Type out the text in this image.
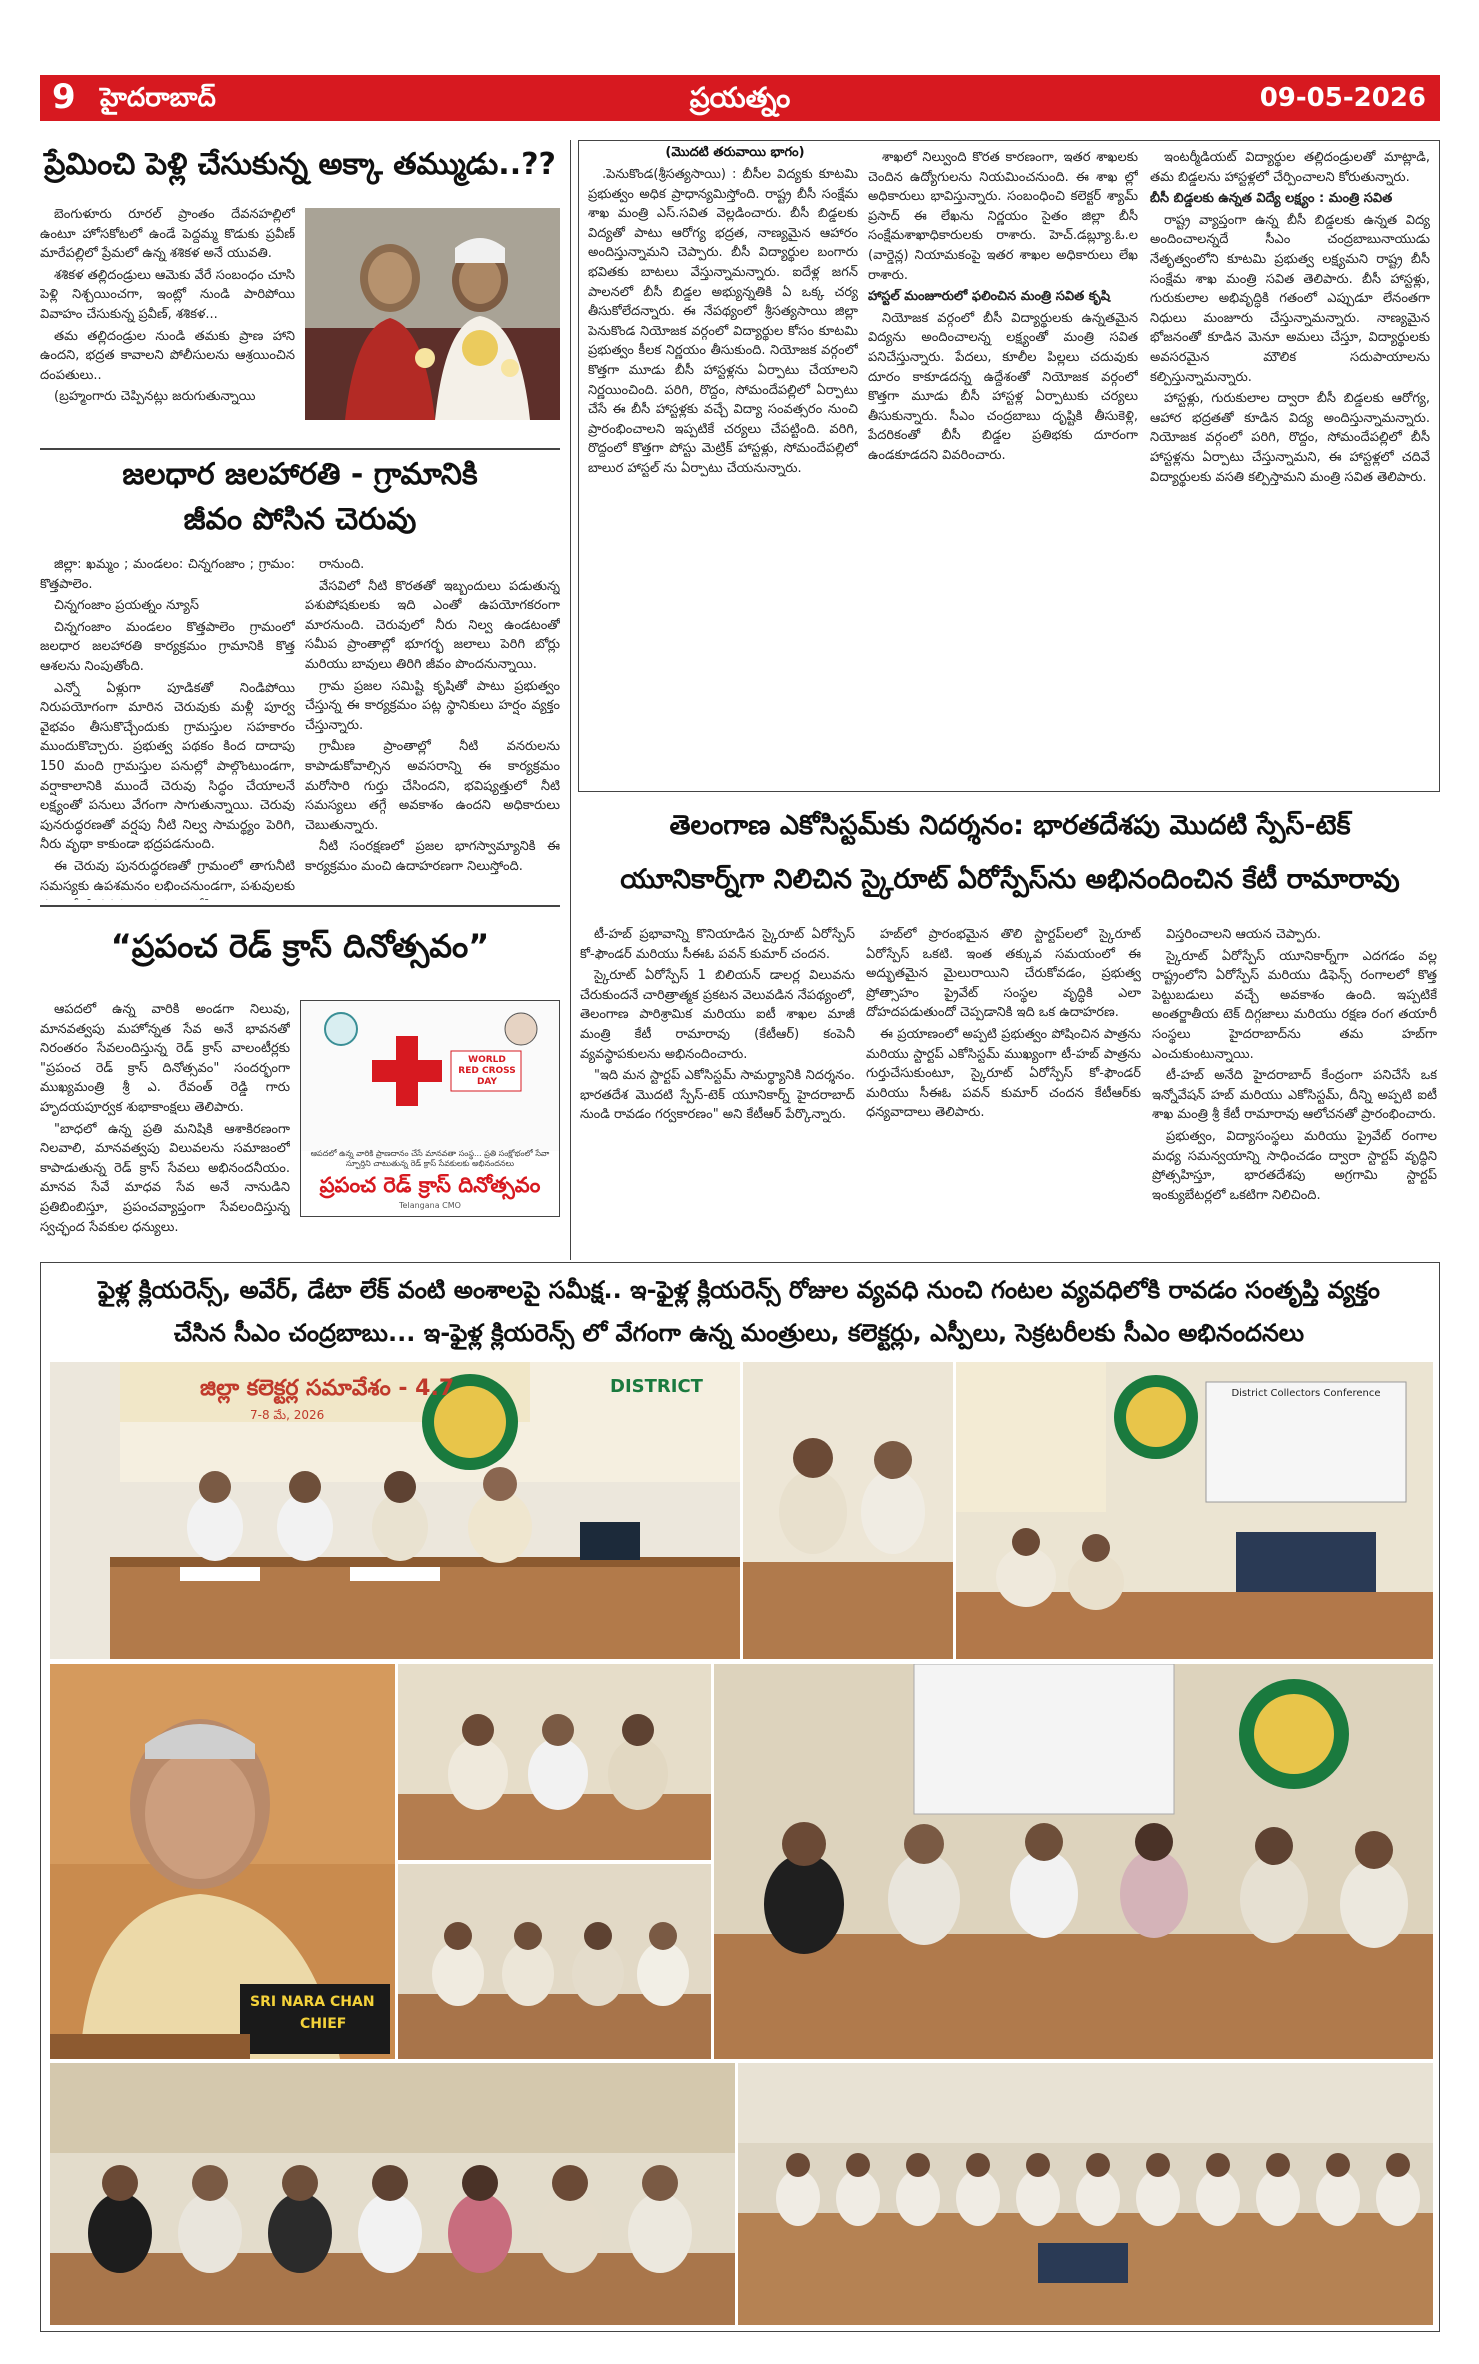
9 హైదరాబాద్	ప్రయత్నం	09-05-2026
ప్రేమించి పెళ్లి చేసుకున్న అక్కా తమ్ముడు..??

బెంగుళూరు రూరల్ ప్రాంతం దేవనహల్లిలో ఉంటూ హోసకోటలో ఉండే పెద్దమ్మ కొడుకు ప్రవీణ్ మారేపల్లిలో ప్రేమలో ఉన్న శశికళ అనే యువతి.

శశికళ తల్లిదండ్రులు ఆమెకు వేరే సంబంధం చూసి పెళ్లి నిశ్చయించగా, ఇంట్లో నుండి పారిపోయి వివాహం చేసుకున్న ప్రవీణ్, శశికళ...

తమ తల్లిదండ్రుల నుండి తమకు ప్రాణ హాని ఉందని, భద్రత కావాలని పోలీసులను ఆశ్రయించిన దంపతులు..

(బ్రహ్మంగారు చెప్పినట్లు జరుగుతున్నాయి

జలధార జలహారతి - గ్రామానికి
జీవం పోసిన చెరువు

జిల్లా: ఖమ్మం ; మండలం: చిన్నగంజాం ; గ్రామం: కొత్తపాలెం.

చిన్నగంజాం ప్రయత్నం న్యూస్

చిన్నగంజాం మండలం కొత్తపాలెం గ్రామంలో జలధార జలహారతి కార్యక్రమం గ్రామానికి కొత్త ఆశలను నింపుతోంది.

ఎన్నో ఏళ్లుగా పూడికతో నిండిపోయి నిరుపయోగంగా మారిన చెరువుకు మళ్లీ పూర్వ వైభవం తీసుకొచ్చేందుకు గ్రామస్తుల సహకారం ముందుకొచ్చారు. ప్రభుత్వ పథకం కింద దాదాపు 150 మంది గ్రామస్తుల పనుల్లో పాల్గొంటుండగా, వర్షాకాలానికి ముందే చెరువు సిద్ధం చేయాలనే లక్ష్యంతో పనులు వేగంగా సాగుతున్నాయి. చెరువు పునరుద్ధరణతో వర్షపు నీటి నిల్వ సామర్థ్యం పెరిగి, నీరు వృథా కాకుండా భద్రపడనుంది.

ఈ చెరువు పునరుద్ధరణతో గ్రామంలో తాగునీటి సమస్యకు ఉపశమనం లభించనుండగా, పశువులకు

రానుంది.

వేసవిలో నీటి కొరతతో ఇబ్బందులు పడుతున్న పశుపోషకులకు ఇది ఎంతో ఉపయోగకరంగా మారనుంది. చెరువులో నీరు నిల్వ ఉండటంతో సమీప ప్రాంతాల్లో భూగర్భ జలాలు పెరిగి బోర్లు మరియు బావులు తిరిగి జీవం పొందనున్నాయి.

గ్రామ ప్రజల సమిష్టి కృషితో పాటు ప్రభుత్వం చేస్తున్న ఈ కార్యక్రమం పట్ల స్థానికులు హర్షం వ్యక్తం చేస్తున్నారు.

గ్రామీణ ప్రాంతాల్లో నీటి వనరులను కాపాడుకోవాల్సిన అవసరాన్ని ఈ కార్యక్రమం మరోసారి గుర్తు చేసిందని, భవిష్యత్తులో నీటి సమస్యలు తగ్గే అవకాశం ఉందని అధికారులు చెబుతున్నారు.

నీటి సంరక్షణలో ప్రజల భాగస్వామ్యానికి ఈ కార్యక్రమం మంచి ఉదాహరణగా నిలుస్తోంది.

“ప్రపంచ రెడ్ క్రాస్ దినోత్సవం”

ఆపదలో ఉన్న వారికి అండగా నిలువు, మానవత్వపు మహోన్నత సేవ అనే భావనతో నిరంతరం సేవలందిస్తున్న రెడ్ క్రాస్ వాలంటీర్లకు "ప్రపంచ రెడ్ క్రాస్ దినోత్సవం" సందర్భంగా ముఖ్యమంత్రి శ్రీ ఎ. రేవంత్ రెడ్డి గారు హృదయపూర్వక శుభాకాంక్షలు తెలిపారు.

"బాధలో ఉన్న ప్రతి మనిషికి ఆశాకిరణంగా నిలవాలి, మానవత్వపు విలువలను సమాజంలో కాపాడుతున్న రెడ్ క్రాస్ సేవలు అభినందనీయం. మానవ సేవే మాధవ సేవ అనే నానుడిని ప్రతిబింబిస్తూ, ప్రపంచవ్యాప్తంగా సేవలందిస్తున్న స్వచ్ఛంద సేవకుల ధన్యులు.

WORLD
RED CROSS
DAY
ఆపదలో ఉన్న వారికి ప్రాణదానం చేసే మానవతా సంస్థ... ప్రతి సంక్షోభంలో సేవా స్ఫూర్తిని చాటుతున్న రెడ్ క్రాస్ సేవకులకు అభినందనలు
ప్రపంచ రెడ్ క్రాస్ దినోత్సవం
Telangana CMO
(మొదటి తరువాయి భాగం)

.పెనుకొండ(శ్రీసత్యసాయి) : బీసీల విద్యకు కూటమి ప్రభుత్వం అధిక ప్రాధాన్యమిస్తోంది. రాష్ట్ర బీసీ సంక్షేమ శాఖ మంత్రి ఎస్.సవిత వెల్లడించారు. బీసీ బిడ్డలకు విద్యతో పాటు ఆరోగ్య భద్రత, నాణ్యమైన ఆహారం అందిస్తున్నామని చెప్పారు. బీసీ విద్యార్థుల బంగారు భవితకు బాటలు వేస్తున్నామన్నారు. ఐదేళ్ల జగన్ పాలనలో బీసీ బిడ్డల అభ్యున్నతికి ఏ ఒక్క చర్య తీసుకోలేదన్నారు. ఈ నేపథ్యంలో శ్రీసత్యసాయి జిల్లా పెనుకొండ నియోజక వర్గంలో విద్యార్థుల కోసం కూటమి ప్రభుత్వం కీలక నిర్ణయం తీసుకుంది. నియోజక వర్గంలో కొత్తగా మూడు బీసీ హాస్టళ్లను ఏర్పాటు చేయాలని నిర్ణయించింది. పరిగి, రొద్దం, సోమందేపల్లిలో ఏర్పాటు చేసే ఈ బీసీ హాస్టళ్లకు వచ్చే విద్యా సంవత్సరం నుంచి ప్రారంభించాలని ఇప్పటికే చర్యలు చేపట్టింది. వరిగి, రొద్దంలో కొత్తగా పోస్టు మెట్రిక్ హాస్టళ్లు, సోమందేపల్లిలో బాలుర హాస్టల్ ను ఏర్పాటు చేయనున్నారు.

శాఖలో నిల్వుంది కొరత కారణంగా, ఇతర శాఖలకు చెందిన ఉద్యోగులను నియమించనుంది. ఈ శాఖ ల్లో అధికారులు భావిస్తున్నారు. సంబంధించి కలెక్టర్ శ్యామ్ ప్రసాద్ ఈ లేఖను నిర్ణయం సైతం జిల్లా బీసీ సంక్షేమశాఖాధికారులకు రాశారు. హెచ్.డబ్ల్యూ.ఓ.ల (వార్డెన్ల) నియామకంపై ఇతర శాఖల అధికారులు లేఖ రాశారు.

హాస్టల్ మంజూరులో ఫలించిన మంత్రి సవిత కృషి

నియోజక వర్గంలో బీసీ విద్యార్థులకు ఉన్నతమైన విద్యను అందించాలన్న లక్ష్యంతో మంత్రి సవిత పనిచేస్తున్నారు. పేదలు, కూలీల పిల్లలు చదువుకు దూరం కాకూడదన్న ఉద్దేశంతో నియోజక వర్గంలో కొత్తగా మూడు బీసీ హాస్టళ్ల ఏర్పాటుకు చర్యలు తీసుకున్నారు. సీఎం చంద్రబాబు దృష్టికి తీసుకెళ్లి, పేదరికంతో బీసీ బిడ్డల ప్రతిభకు దూరంగా ఉండకూడదని వివరించారు.

ఇంటర్మీడియట్ విద్యార్థుల తల్లిదండ్రులతో మాట్లాడి, తమ బిడ్డలను హాస్టళ్లలో చేర్పించాలని కోరుతున్నారు.

బీసీ బిడ్డలకు ఉన్నత విద్యే లక్ష్యం : మంత్రి సవిత

రాష్ట్ర వ్యాప్తంగా ఉన్న బీసీ బిడ్డలకు ఉన్నత విద్య అందించాలన్నదే సీఎం చంద్రబాబునాయుడు నేతృత్వంలోని కూటమి ప్రభుత్వ లక్ష్యమని రాష్ట్ర బీసీ సంక్షేమ శాఖ మంత్రి సవిత తెలిపారు. బీసీ హాస్టళ్లు, గురుకులాల అభివృద్ధికి గతంలో ఎప్పుడూ లేనంతగా నిధులు మంజూరు చేస్తున్నామన్నారు. నాణ్యమైన భోజనంతో కూడిన మెనూ అమలు చేస్తూ, విద్యార్థులకు అవసరమైన మౌలిక సదుపాయాలను కల్పిస్తున్నామన్నారు.

హాస్టళ్లు, గురుకులాల ద్వారా బీసీ బిడ్డలకు ఆరోగ్య, ఆహార భద్రతతో కూడిన విద్య అందిస్తున్నామన్నారు. నియోజక వర్గంలో పరిగి, రొద్దం, సోమందేపల్లిలో బీసీ హాస్టళ్లను ఏర్పాటు చేస్తున్నామని, ఈ హాస్టళ్లలో చదివే విద్యార్థులకు వసతి కల్పిస్తామని మంత్రి సవిత తెలిపారు.

తెలంగాణ ఎకోసిస్టమ్‌కు నిదర్శనం: భారతదేశపు మొదటి స్పేస్-టెక్
యూనికార్న్‌గా నిలిచిన స్కైరూట్ ఏరోస్పేస్‌ను అభినందించిన కేటీ రామారావు

టీ-హబ్ ప్రభావాన్ని కొనియాడిన స్కైరూట్ ఏరోస్పేస్ కో-ఫౌండర్ మరియు సీఈఓ పవన్ కుమార్ చందన.

స్కైరూట్ ఏరోస్పేస్ 1 బిలియన్ డాలర్ల విలువను చేరుకుందనే చారిత్రాత్మక ప్రకటన వెలువడిన నేపథ్యంలో, తెలంగాణ పారిశ్రామిక మరియు ఐటీ శాఖల మాజీ మంత్రి కేటీ రామారావు (కేటీఆర్) కంపెనీ వ్యవస్థాపకులను అభినందించారు.

"ఇది మన స్టార్టప్ ఎకోసిస్టమ్ సామర్థ్యానికి నిదర్శనం. భారతదేశ మొదటి స్పేస్-టెక్ యూనికార్న్ హైదరాబాద్ నుండి రావడం గర్వకారణం" అని కేటీఆర్ పేర్కొన్నారు.

హబ్‌లో ప్రారంభమైన తొలి స్టార్టప్‌లలో స్కైరూట్ ఏరోస్పేస్ ఒకటి. ఇంత తక్కువ సమయంలో ఈ అద్భుతమైన మైలురాయిని చేరుకోవడం, ప్రభుత్వ ప్రోత్సాహం ప్రైవేట్ సంస్థల వృద్ధికి ఎలా దోహదపడుతుందో చెప్పడానికి ఇది ఒక ఉదాహరణ.

ఈ ప్రయాణంలో అప్పటి ప్రభుత్వం పోషించిన పాత్రను మరియు స్టార్టప్ ఎకోసిస్టమ్ ముఖ్యంగా టీ-హబ్ పాత్రను గుర్తుచేసుకుంటూ, స్కైరూట్ ఏరోస్పేస్ కో-ఫౌండర్ మరియు సీఈఓ పవన్ కుమార్ చందన కేటీఆర్‌కు ధన్యవాదాలు తెలిపారు.

విస్తరించాలని ఆయన చెప్పారు.

స్కైరూట్ ఏరోస్పేస్ యూనికార్న్‌గా ఎదగడం వల్ల రాష్ట్రంలోని ఏరోస్పేస్ మరియు డిఫెన్స్ రంగాలలో కొత్త పెట్టుబడులు వచ్చే అవకాశం ఉంది. ఇప్పటికే అంతర్జాతీయ టెక్ దిగ్గజాలు మరియు రక్షణ రంగ తయారీ సంస్థలు హైదరాబాద్‌ను తమ హబ్‌గా ఎంచుకుంటున్నాయి.

టీ-హబ్ అనేది హైదరాబాద్ కేంద్రంగా పనిచేసే ఒక ఇన్నోవేషన్ హబ్ మరియు ఎకోసిస్టమ్, దీన్ని అప్పటి ఐటీ శాఖ మంత్రి శ్రీ కేటీ రామారావు ఆలోచనతో ప్రారంభించారు.

ప్రభుత్వం, విద్యాసంస్థలు మరియు ప్రైవేట్ రంగాల మధ్య సమన్వయాన్ని సాధించడం ద్వారా స్టార్టప్ వృద్ధిని ప్రోత్సహిస్తూ, భారతదేశపు అగ్రగామి స్టార్టప్ ఇంక్యుబేటర్లలో ఒకటిగా నిలిచింది.

ఫైళ్ల క్లియరెన్స్, అవేర్, డేటా లేక్ వంటి అంశాలపై సమీక్ష.. ఇ-ఫైళ్ల క్లియరెన్స్ రోజుల వ్యవధి నుంచి గంటల వ్యవధిలోకి రావడం సంతృప్తి వ్యక్తం
చేసిన సీఎం చంద్రబాబు... ఇ-ఫైళ్ల క్లియరెన్స్ లో వేగంగా ఉన్న మంత్రులు, కలెక్టర్లు, ఎస్పీలు, సెక్రటరీలకు సీఎం అభినందనలు
జిల్లా కలెక్టర్ల సమావేశం - 4.7
7-8 మే, 2026
DISTRICT	District Collectors Conference
SRI NARA CHAN
CHIEF
